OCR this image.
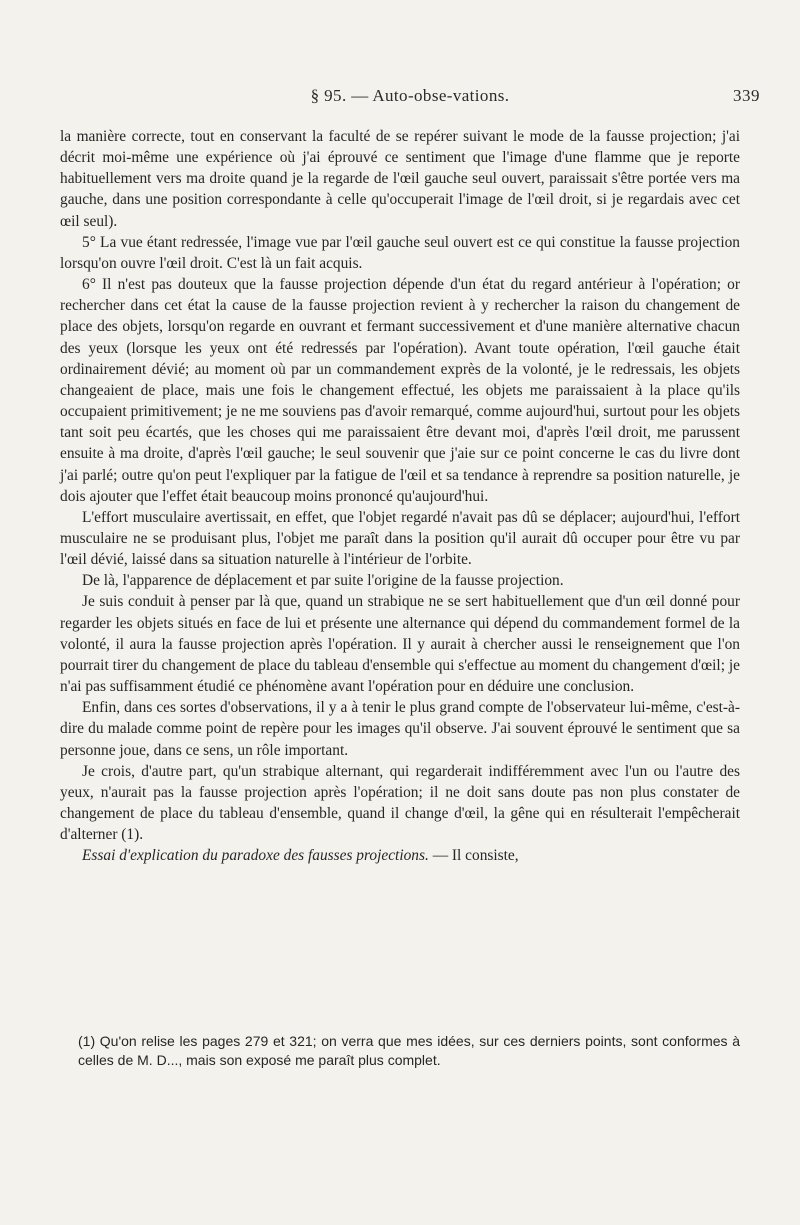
§ 95. — Auto-obse-vations.	339

la manière correcte, tout en conservant la faculté de se repérer suivant le mode de la fausse projection; j'ai décrit moi-même une expérience où j'ai éprouvé ce sentiment que l'image d'une flamme que je reporte habituellement vers ma droite quand je la regarde de l'œil gauche seul ouvert, paraissait s'être portée vers ma gauche, dans une position correspondante à celle qu'occuperait l'image de l'œil droit, si je regardais avec cet œil seul).

5° La vue étant redressée, l'image vue par l'œil gauche seul ouvert est ce qui constitue la fausse projection lorsqu'on ouvre l'œil droit. C'est là un fait acquis.

6° Il n'est pas douteux que la fausse projection dépende d'un état du regard antérieur à l'opération; or rechercher dans cet état la cause de la fausse projection revient à y rechercher la raison du changement de place des objets, lorsqu'on regarde en ouvrant et fermant successivement et d'une manière alternative chacun des yeux (lorsque les yeux ont été redressés par l'opération). Avant toute opération, l'œil gauche était ordinairement dévié; au moment où par un commandement exprès de la volonté, je le redressais, les objets changeaient de place, mais une fois le changement effectué, les objets me paraissaient à la place qu'ils occupaient primitivement; je ne me souviens pas d'avoir remarqué, comme aujourd'hui, surtout pour les objets tant soit peu écartés, que les choses qui me paraissaient être devant moi, d'après l'œil droit, me parussent ensuite à ma droite, d'après l'œil gauche; le seul souvenir que j'aie sur ce point concerne le cas du livre dont j'ai parlé; outre qu'on peut l'expliquer par la fatigue de l'œil et sa tendance à reprendre sa position naturelle, je dois ajouter que l'effet était beaucoup moins prononcé qu'aujourd'hui.

L'effort musculaire avertissait, en effet, que l'objet regardé n'avait pas dû se déplacer; aujourd'hui, l'effort musculaire ne se produisant plus, l'objet me paraît dans la position qu'il aurait dû occuper pour être vu par l'œil dévié, laissé dans sa situation naturelle à l'intérieur de l'orbite.

De là, l'apparence de déplacement et par suite l'origine de la fausse projection.

Je suis conduit à penser par là que, quand un strabique ne se sert habituellement que d'un œil donné pour regarder les objets situés en face de lui et présente une alternance qui dépend du commandement formel de la volonté, il aura la fausse projection après l'opération. Il y aurait à chercher aussi le renseignement que l'on pourrait tirer du changement de place du tableau d'ensemble qui s'effectue au moment du changement d'œil; je n'ai pas suffisamment étudié ce phénomène avant l'opération pour en déduire une conclusion.

Enfin, dans ces sortes d'observations, il y a à tenir le plus grand compte de l'observateur lui-même, c'est-à-dire du malade comme point de repère pour les images qu'il observe. J'ai souvent éprouvé le sentiment que sa personne joue, dans ce sens, un rôle important.

Je crois, d'autre part, qu'un strabique alternant, qui regarderait indifféremment avec l'un ou l'autre des yeux, n'aurait pas la fausse projection après l'opération; il ne doit sans doute pas non plus constater de changement de place du tableau d'ensemble, quand il change d'œil, la gêne qui en résulterait l'empêcherait d'alterner (1).

Essai d'explication du paradoxe des fausses projections. — Il consiste,

(1) Qu'on relise les pages 279 et 321; on verra que mes idées, sur ces derniers points, sont conformes à celles de M. D..., mais son exposé me paraît plus complet.
